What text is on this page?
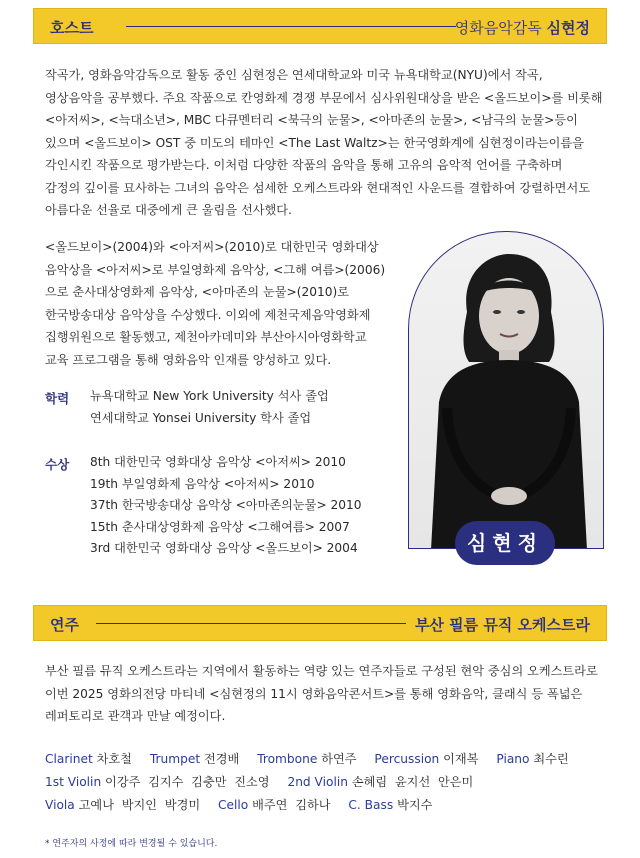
호스트	영화음악감독 심현정
작곡가, 영화음악감독으로 활동 중인 심현정은 연세대학교와 미국 뉴욕대학교(NYU)에서 작곡,
영상음악을 공부했다. 주요 작품으로 칸영화제 경쟁 부문에서 심사위원대상을 받은 <올드보이>를 비롯해
<아저씨>, <늑대소년>, MBC 다큐멘터리 <북극의 눈물>, <아마존의 눈물>, <남극의 눈물>등이
있으며 <올드보이> OST 중 미도의 테마인 <The Last Waltz>는 한국영화계에 심현정이라는이름을
각인시킨 작품으로 평가받는다. 이처럼 다양한 작품의 음악을 통해 고유의 음악적 언어를 구축하며
감정의 깊이를 묘사하는 그녀의 음악은 섬세한 오케스트라와 현대적인 사운드를 결합하여 강렬하면서도
아름다운 선율로 대중에게 큰 울림을 선사했다.
<올드보이>(2004)와 <아저씨>(2010)로 대한민국 영화대상
음악상을 <아저씨>로 부일영화제 음악상, <그해 여름>(2006)
으로 춘사대상영화제 음악상, <아마존의 눈물>(2010)로
한국방송대상 음악상을 수상했다. 이외에 제천국제음악영화제
집행위원으로 활동했고, 제천아카데미와 부산아시아영화학교
교육 프로그램을 통해 영화음악 인재를 양성하고 있다.
학력 뉴욕대학교 New York University 석사 졸업
연세대학교 Yonsei University 학사 졸업
수상 8th 대한민국 영화대상 음악상 <아저씨> 2010
19th 부일영화제 음악상 <아저씨> 2010
37th 한국방송대상 음악상 <아마존의눈물> 2010
15th 춘사대상영화제 음악상 <그해여름> 2007
3rd 대한민국 영화대상 음악상 <올드보이> 2004	심현정
연주	부산 필름 뮤직 오케스트라
부산 필름 뮤직 오케스트라는 지역에서 활동하는 역량 있는 연주자들로 구성된 현악 중심의 오케스트라로
이번 2025 영화의전당 마티네 <심현정의 11시 영화음악콘서트>를 통해 영화음악, 클래식 등 폭넓은
레퍼토리로 관객과 만날 예정이다.
Clarinet 차호철 Trumpet 전경배 Trombone 하연주 Percussion 이재복 Piano 최수린
1st Violin 이강주  김지수  김충만  진소영 2nd Violin 손혜림  윤지선  안은미
Viola 고예나  박지인  박경미 Cello 배주연  김하나 C. Bass 박지수
* 연주자의 사정에 따라 변경될 수 있습니다.
